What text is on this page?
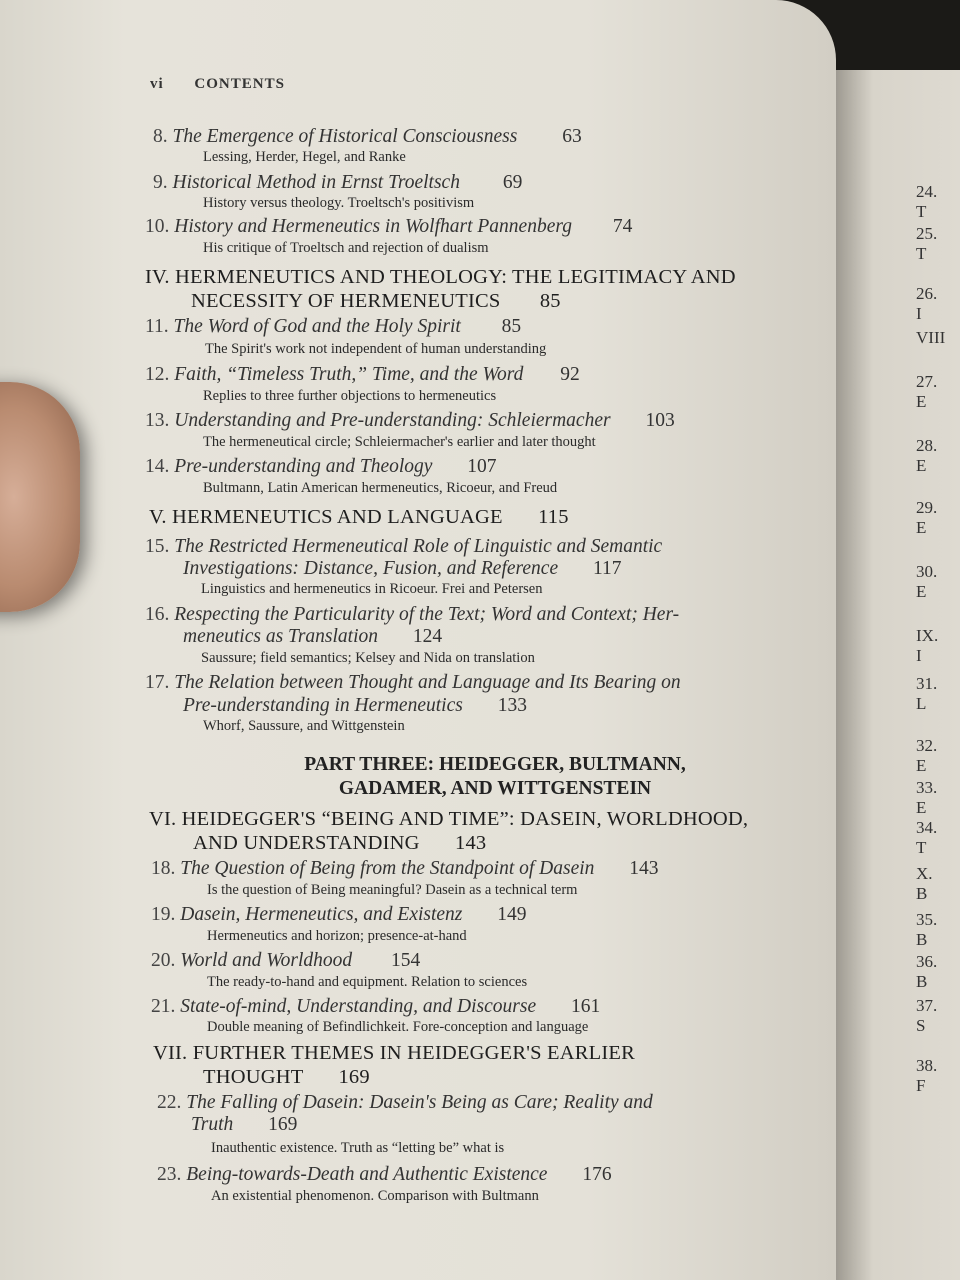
24. T
25. T
26. I
VIII
27. E
28. E
29. E
30. E
IX. I
31. L
32. E
33. E
34. T
X. B
35. B
36. B
37. S
38. F
vi CONTENTS
8. The Emergence of Historical Consciousness 63
Lessing, Herder, Hegel, and Ranke
9. Historical Method in Ernst Troeltsch 69
History versus theology. Troeltsch's positivism
10. History and Hermeneutics in Wolfhart Pannenberg 74
His critique of Troeltsch and rejection of dualism
IV. HERMENEUTICS AND THEOLOGY: THE LEGITIMACY AND
NECESSITY OF HERMENEUTICS 85
11. The Word of God and the Holy Spirit 85
The Spirit's work not independent of human understanding
12. Faith, “Timeless Truth,” Time, and the Word 92
Replies to three further objections to hermeneutics
13. Understanding and Pre-understanding: Schleiermacher 103
The hermeneutical circle; Schleiermacher's earlier and later thought
14. Pre-understanding and Theology 107
Bultmann, Latin American hermeneutics, Ricoeur, and Freud
V. HERMENEUTICS AND LANGUAGE 115
15. The Restricted Hermeneutical Role of Linguistic and Semantic
Investigations: Distance, Fusion, and Reference 117
Linguistics and hermeneutics in Ricoeur. Frei and Petersen
16. Respecting the Particularity of the Text; Word and Context; Her-
meneutics as Translation 124
Saussure; field semantics; Kelsey and Nida on translation
17. The Relation between Thought and Language and Its Bearing on
Pre-understanding in Hermeneutics 133
Whorf, Saussure, and Wittgenstein
PART THREE: HEIDEGGER, BULTMANN,
GADAMER, AND WITTGENSTEIN
VI. HEIDEGGER'S “BEING AND TIME”: DASEIN, WORLDHOOD,
AND UNDERSTANDING 143
18. The Question of Being from the Standpoint of Dasein 143
Is the question of Being meaningful? Dasein as a technical term
19. Dasein, Hermeneutics, and Existenz 149
Hermeneutics and horizon; presence-at-hand
20. World and Worldhood 154
The ready-to-hand and equipment. Relation to sciences
21. State-of-mind, Understanding, and Discourse 161
Double meaning of Befindlichkeit. Fore-conception and language
VII. FURTHER THEMES IN HEIDEGGER'S EARLIER
THOUGHT 169
22. The Falling of Dasein: Dasein's Being as Care; Reality and
Truth 169
Inauthentic existence. Truth as “letting be” what is
23. Being-towards-Death and Authentic Existence 176
An existential phenomenon. Comparison with Bultmann
